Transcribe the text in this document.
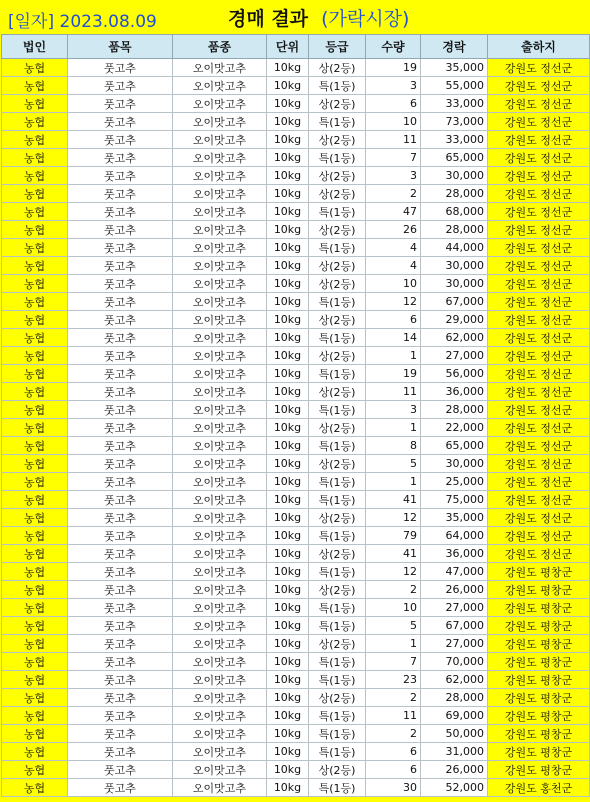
[일자] 2023.08.09	경매 결과 (가락시장)
법인	품목	품종	단위	등급	수량	경락	출하지
농협	풋고추	오이맛고추	10kg	상(2등)	19	35,000	강원도 정선군
농협	풋고추	오이맛고추	10kg	특(1등)	3	55,000	강원도 정선군
농협	풋고추	오이맛고추	10kg	상(2등)	6	33,000	강원도 정선군
농협	풋고추	오이맛고추	10kg	특(1등)	10	73,000	강원도 정선군
농협	풋고추	오이맛고추	10kg	상(2등)	11	33,000	강원도 정선군
농협	풋고추	오이맛고추	10kg	특(1등)	7	65,000	강원도 정선군
농협	풋고추	오이맛고추	10kg	상(2등)	3	30,000	강원도 정선군
농협	풋고추	오이맛고추	10kg	상(2등)	2	28,000	강원도 정선군
농협	풋고추	오이맛고추	10kg	특(1등)	47	68,000	강원도 정선군
농협	풋고추	오이맛고추	10kg	상(2등)	26	28,000	강원도 정선군
농협	풋고추	오이맛고추	10kg	특(1등)	4	44,000	강원도 정선군
농협	풋고추	오이맛고추	10kg	상(2등)	4	30,000	강원도 정선군
농협	풋고추	오이맛고추	10kg	상(2등)	10	30,000	강원도 정선군
농협	풋고추	오이맛고추	10kg	특(1등)	12	67,000	강원도 정선군
농협	풋고추	오이맛고추	10kg	상(2등)	6	29,000	강원도 정선군
농협	풋고추	오이맛고추	10kg	특(1등)	14	62,000	강원도 정선군
농협	풋고추	오이맛고추	10kg	상(2등)	1	27,000	강원도 정선군
농협	풋고추	오이맛고추	10kg	특(1등)	19	56,000	강원도 정선군
농협	풋고추	오이맛고추	10kg	상(2등)	11	36,000	강원도 정선군
농협	풋고추	오이맛고추	10kg	특(1등)	3	28,000	강원도 정선군
농협	풋고추	오이맛고추	10kg	상(2등)	1	22,000	강원도 정선군
농협	풋고추	오이맛고추	10kg	특(1등)	8	65,000	강원도 정선군
농협	풋고추	오이맛고추	10kg	상(2등)	5	30,000	강원도 정선군
농협	풋고추	오이맛고추	10kg	특(1등)	1	25,000	강원도 정선군
농협	풋고추	오이맛고추	10kg	특(1등)	41	75,000	강원도 정선군
농협	풋고추	오이맛고추	10kg	상(2등)	12	35,000	강원도 정선군
농협	풋고추	오이맛고추	10kg	특(1등)	79	64,000	강원도 정선군
농협	풋고추	오이맛고추	10kg	상(2등)	41	36,000	강원도 정선군
농협	풋고추	오이맛고추	10kg	특(1등)	12	47,000	강원도 평창군
농협	풋고추	오이맛고추	10kg	상(2등)	2	26,000	강원도 평창군
농협	풋고추	오이맛고추	10kg	특(1등)	10	27,000	강원도 평창군
농협	풋고추	오이맛고추	10kg	특(1등)	5	67,000	강원도 평창군
농협	풋고추	오이맛고추	10kg	상(2등)	1	27,000	강원도 평창군
농협	풋고추	오이맛고추	10kg	특(1등)	7	70,000	강원도 평창군
농협	풋고추	오이맛고추	10kg	특(1등)	23	62,000	강원도 평창군
농협	풋고추	오이맛고추	10kg	상(2등)	2	28,000	강원도 평창군
농협	풋고추	오이맛고추	10kg	특(1등)	11	69,000	강원도 평창군
농협	풋고추	오이맛고추	10kg	특(1등)	2	50,000	강원도 평창군
농협	풋고추	오이맛고추	10kg	특(1등)	6	31,000	강원도 평창군
농협	풋고추	오이맛고추	10kg	상(2등)	6	26,000	강원도 평창군
농협	풋고추	오이맛고추	10kg	특(1등)	30	52,000	강원도 홍천군
